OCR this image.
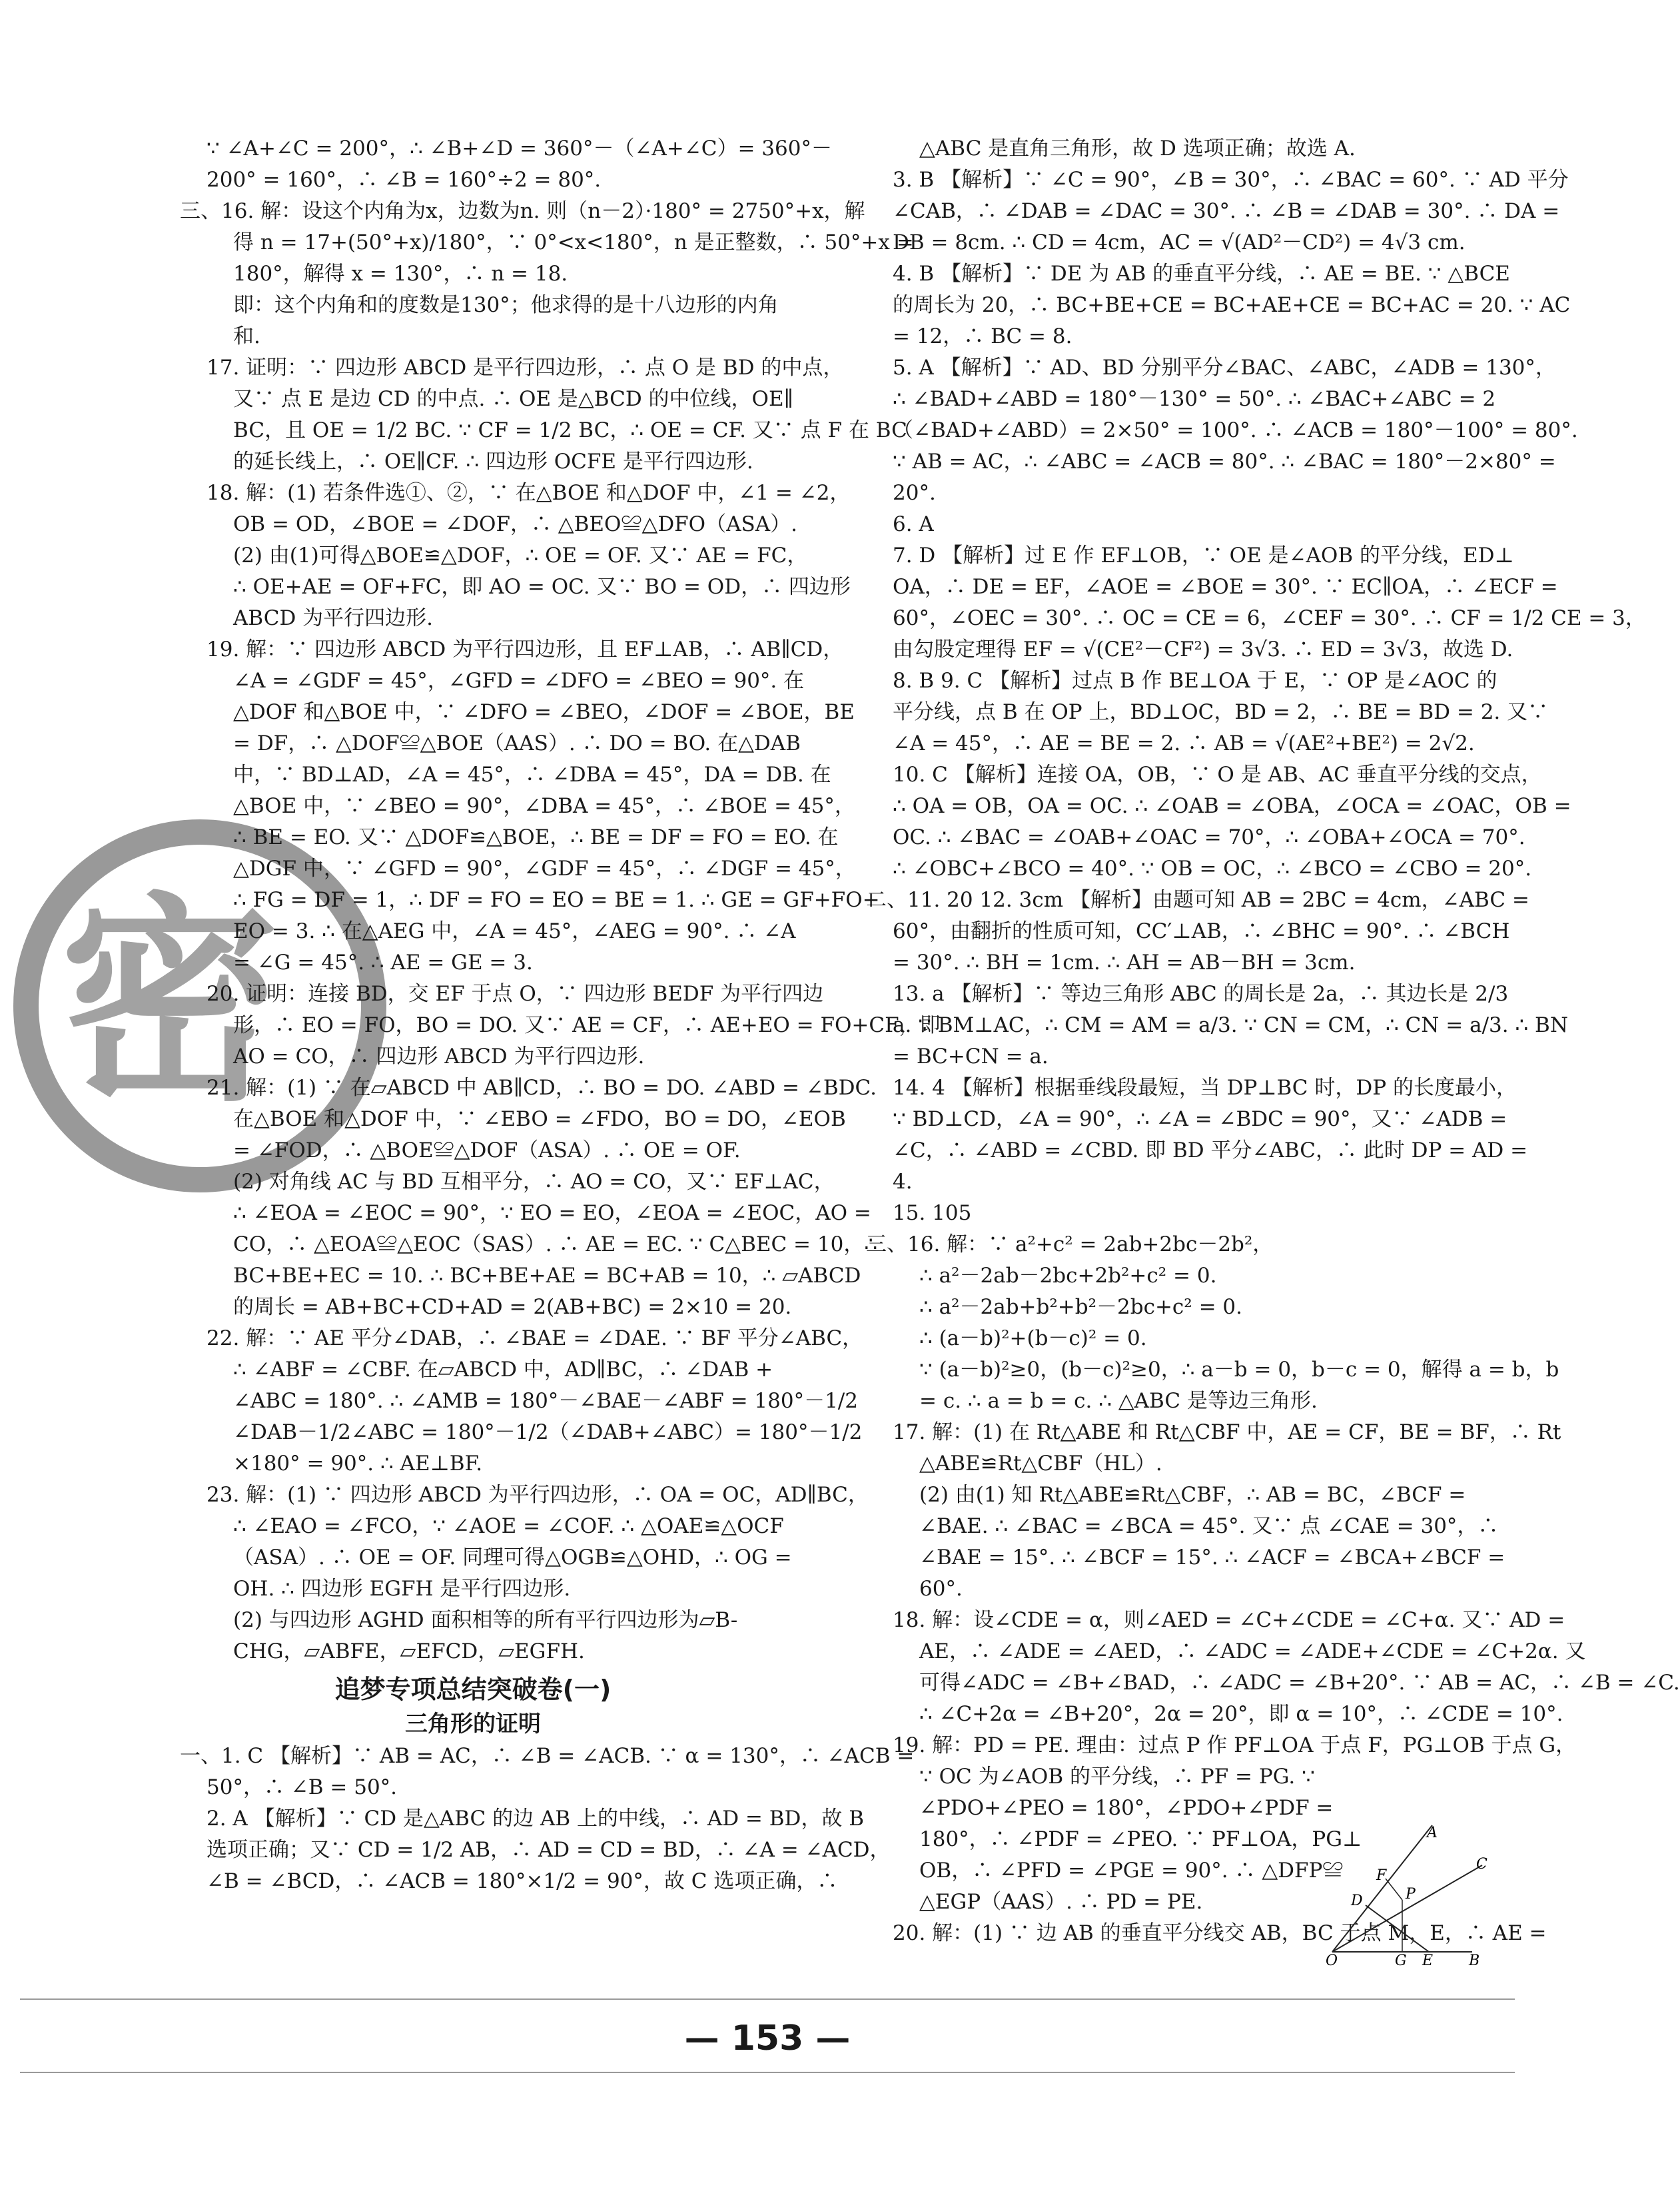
密
∵ ∠A+∠C = 200°，∴ ∠B+∠D = 360°－（∠A+∠C）= 360°－
200° = 160°，∴ ∠B = 160°÷2 = 80°.
三、16. 解：设这个内角为x，边数为n. 则（n－2）·180° = 2750°+x，解
得 n = 17+(50°+x)/180°，∵ 0°<x<180°，n 是正整数，∴ 50°+x =
180°，解得 x = 130°，∴ n = 18.
即：这个内角和的度数是130°；他求得的是十八边形的内角
和.
17. 证明：∵ 四边形 ABCD 是平行四边形，∴ 点 O 是 BD 的中点，
又∵ 点 E 是边 CD 的中点. ∴ OE 是△BCD 的中位线，OE∥
BC，且 OE = 1/2 BC. ∵ CF = 1/2 BC，∴ OE = CF. 又∵ 点 F 在 BC
的延长线上，∴ OE∥CF. ∴ 四边形 OCFE 是平行四边形.
18. 解：(1) 若条件选①、②，∵ 在△BOE 和△DOF 中，∠1 = ∠2，
OB = OD，∠BOE = ∠DOF，∴ △BEO≌△DFO（ASA）.
(2) 由(1)可得△BOE≌△DOF，∴ OE = OF. 又∵ AE = FC，
∴ OE+AE = OF+FC，即 AO = OC. 又∵ BO = OD，∴ 四边形
ABCD 为平行四边形.
19. 解：∵ 四边形 ABCD 为平行四边形，且 EF⊥AB，∴ AB∥CD，
∠A = ∠GDF = 45°，∠GFD = ∠DFO = ∠BEO = 90°. 在
△DOF 和△BOE 中，∵ ∠DFO = ∠BEO，∠DOF = ∠BOE，BE
= DF，∴ △DOF≌△BOE（AAS）. ∴ DO = BO. 在△DAB
中，∵ BD⊥AD，∠A = 45°，∴ ∠DBA = 45°，DA = DB. 在
△BOE 中，∵ ∠BEO = 90°，∠DBA = 45°，∴ ∠BOE = 45°，
∴ BE = EO. 又∵ △DOF≌△BOE，∴ BE = DF = FO = EO. 在
△DGF 中，∵ ∠GFD = 90°，∠GDF = 45°，∴ ∠DGF = 45°，
∴ FG = DF = 1，∴ DF = FO = EO = BE = 1. ∴ GE = GF+FO+
EO = 3. ∴ 在△AEG 中，∠A = 45°，∠AEG = 90°. ∴ ∠A
= ∠G = 45°. ∴ AE = GE = 3.
20. 证明：连接 BD，交 EF 于点 O，∵ 四边形 BEDF 为平行四边
形，∴ EO = FO，BO = DO. 又∵ AE = CF，∴ AE+EO = FO+CF，即
AO = CO，∴ 四边形 ABCD 为平行四边形.
21. 解：(1) ∵ 在▱ABCD 中 AB∥CD，∴ BO = DO. ∠ABD = ∠BDC.
在△BOE 和△DOF 中，∵ ∠EBO = ∠FDO，BO = DO，∠EOB
= ∠FOD，∴ △BOE≌△DOF（ASA）. ∴ OE = OF.
(2) 对角线 AC 与 BD 互相平分，∴ AO = CO，又∵ EF⊥AC，
∴ ∠EOA = ∠EOC = 90°，∵ EO = EO，∠EOA = ∠EOC，AO =
CO，∴ △EOA≌△EOC（SAS）. ∴ AE = EC. ∵ C△BEC = 10，∴
BC+BE+EC = 10. ∴ BC+BE+AE = BC+AB = 10，∴ ▱ABCD
的周长 = AB+BC+CD+AD = 2(AB+BC) = 2×10 = 20.
22. 解：∵ AE 平分∠DAB，∴ ∠BAE = ∠DAE. ∵ BF 平分∠ABC，
∴ ∠ABF = ∠CBF. 在▱ABCD 中，AD∥BC，∴ ∠DAB +
∠ABC = 180°. ∴ ∠AMB = 180°－∠BAE－∠ABF = 180°－1/2
∠DAB－1/2∠ABC = 180°－1/2（∠DAB+∠ABC）= 180°－1/2
×180° = 90°. ∴ AE⊥BF.
23. 解：(1) ∵ 四边形 ABCD 为平行四边形，∴ OA = OC，AD∥BC，
∴ ∠EAO = ∠FCO，∵ ∠AOE = ∠COF. ∴ △OAE≌△OCF
（ASA）. ∴ OE = OF. 同理可得△OGB≌△OHD，∴ OG =
OH. ∴ 四边形 EGFH 是平行四边形.
(2) 与四边形 AGHD 面积相等的所有平行四边形为▱B-
CHG，▱ABFE，▱EFCD，▱EGFH.
追梦专项总结突破卷(一)
三角形的证明
一、1. C 【解析】∵ AB = AC，∴ ∠B = ∠ACB. ∵ α = 130°，∴ ∠ACB =
50°，∴ ∠B = 50°.
2. A 【解析】∵ CD 是△ABC 的边 AB 上的中线，∴ AD = BD，故 B
选项正确；又∵ CD = 1/2 AB，∴ AD = CD = BD，∴ ∠A = ∠ACD，
∠B = ∠BCD，∴ ∠ACB = 180°×1/2 = 90°，故 C 选项正确，∴
△ABC 是直角三角形，故 D 选项正确；故选 A.
3. B 【解析】∵ ∠C = 90°，∠B = 30°，∴ ∠BAC = 60°. ∵ AD 平分
∠CAB，∴ ∠DAB = ∠DAC = 30°. ∴ ∠B = ∠DAB = 30°. ∴ DA =
DB = 8cm. ∴ CD = 4cm，AC = √(AD²－CD²) = 4√3 cm.
4. B 【解析】∵ DE 为 AB 的垂直平分线，∴ AE = BE. ∵ △BCE
的周长为 20，∴ BC+BE+CE = BC+AE+CE = BC+AC = 20. ∵ AC
= 12，∴ BC = 8.
5. A 【解析】∵ AD、BD 分别平分∠BAC、∠ABC，∠ADB = 130°，
∴ ∠BAD+∠ABD = 180°－130° = 50°. ∴ ∠BAC+∠ABC = 2
（∠BAD+∠ABD）= 2×50° = 100°. ∴ ∠ACB = 180°－100° = 80°.
∵ AB = AC，∴ ∠ABC = ∠ACB = 80°. ∴ ∠BAC = 180°－2×80° =
20°.
6. A
7. D 【解析】过 E 作 EF⊥OB，∵ OE 是∠AOB 的平分线，ED⊥
OA，∴ DE = EF，∠AOE = ∠BOE = 30°. ∵ EC∥OA，∴ ∠ECF =
60°，∠OEC = 30°. ∴ OC = CE = 6，∠CEF = 30°. ∴ CF = 1/2 CE = 3，
由勾股定理得 EF = √(CE²－CF²) = 3√3. ∴ ED = 3√3，故选 D.
8. B 9. C 【解析】过点 B 作 BE⊥OA 于 E，∵ OP 是∠AOC 的
平分线，点 B 在 OP 上，BD⊥OC，BD = 2，∴ BE = BD = 2. 又∵
∠A = 45°，∴ AE = BE = 2. ∴ AB = √(AE²+BE²) = 2√2.
10. C 【解析】连接 OA，OB，∵ O 是 AB、AC 垂直平分线的交点，
∴ OA = OB，OA = OC. ∴ ∠OAB = ∠OBA，∠OCA = ∠OAC，OB =
OC. ∴ ∠BAC = ∠OAB+∠OAC = 70°，∴ ∠OBA+∠OCA = 70°.
∴ ∠OBC+∠BCO = 40°. ∵ OB = OC，∴ ∠BCO = ∠CBO = 20°.
二、11. 20 12. 3cm 【解析】由题可知 AB = 2BC = 4cm，∠ABC =
60°，由翻折的性质可知，CC′⊥AB，∴ ∠BHC = 90°. ∴ ∠BCH
= 30°. ∴ BH = 1cm. ∴ AH = AB－BH = 3cm.
13. a 【解析】∵ 等边三角形 ABC 的周长是 2a，∴ 其边长是 2/3
a. ∵ BM⊥AC，∴ CM = AM = a/3. ∵ CN = CM，∴ CN = a/3. ∴ BN
= BC+CN = a.
14. 4 【解析】根据垂线段最短，当 DP⊥BC 时，DP 的长度最小，
∵ BD⊥CD，∠A = 90°，∴ ∠A = ∠BDC = 90°，又∵ ∠ADB =
∠C，∴ ∠ABD = ∠CBD. 即 BD 平分∠ABC，∴ 此时 DP = AD =
4.
15. 105
三、16. 解：∵ a²+c² = 2ab+2bc－2b²，
∴ a²－2ab－2bc+2b²+c² = 0.
∴ a²－2ab+b²+b²－2bc+c² = 0.
∴ (a－b)²+(b－c)² = 0.
∵ (a－b)²≥0，(b－c)²≥0，∴ a－b = 0，b－c = 0，解得 a = b，b
= c. ∴ a = b = c. ∴ △ABC 是等边三角形.
17. 解：(1) 在 Rt△ABE 和 Rt△CBF 中，AE = CF，BE = BF，∴ Rt
△ABE≌Rt△CBF（HL）.
(2) 由(1) 知 Rt△ABE≌Rt△CBF，∴ AB = BC，∠BCF =
∠BAE. ∴ ∠BAC = ∠BCA = 45°. 又∵ 点 ∠CAE = 30°，∴
∠BAE = 15°. ∴ ∠BCF = 15°. ∴ ∠ACF = ∠BCA+∠BCF =
60°.
18. 解：设∠CDE = α，则∠AED = ∠C+∠CDE = ∠C+α. 又∵ AD =
AE，∴ ∠ADE = ∠AED，∴ ∠ADC = ∠ADE+∠CDE = ∠C+2α. 又
可得∠ADC = ∠B+∠BAD，∴ ∠ADC = ∠B+20°. ∵ AB = AC，∴ ∠B = ∠C.
∴ ∠C+2α = ∠B+20°，2α = 20°，即 α = 10°，∴ ∠CDE = 10°.
19. 解：PD = PE. 理由：过点 P 作 PF⊥OA 于点 F，PG⊥OB 于点 G，
∵ OC 为∠AOB 的平分线，∴ PF = PG. ∵
∠PDO+∠PEO = 180°，∠PDO+∠PDF =
180°，∴ ∠PDF = ∠PEO. ∵ PF⊥OA，PG⊥
OB，∴ ∠PFD = ∠PGE = 90°. ∴ △DFP≌
△EGP（AAS）. ∴ PD = PE.
20. 解：(1) ∵ 边 AB 的垂直平分线交 AB，BC 于点 M，E，∴ AE =
A
F
C
D	P
O	G E B
— 153 —
